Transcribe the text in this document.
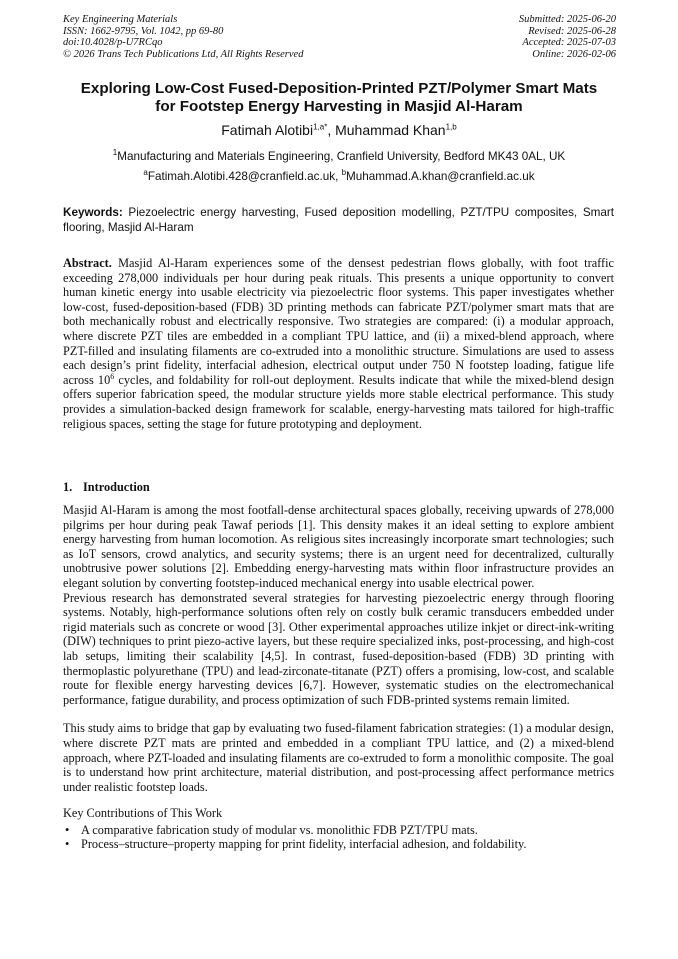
Key Engineering Materials
ISSN: 1662-9795, Vol. 1042, pp 69-80
doi:10.4028/p-U7RCqo
© 2026 Trans Tech Publications Ltd, All Rights Reserved
Submitted: 2025-06-20
Revised: 2025-06-28
Accepted: 2025-07-03
Online: 2026-02-06
Exploring Low-Cost Fused-Deposition-Printed PZT/Polymer Smart Mats
for Footstep Energy Harvesting in Masjid Al-Haram
Fatimah Alotibi$^{1,a*}$, Muhammad Khan$^{1,b}$
$^1$Manufacturing and Materials Engineering, Cranfield University, Bedford MK43 0AL, UK
$^a$Fatimah.Alotibi.428@cranfield.ac.uk, $^b$Muhammad.A.khan@cranfield.ac.uk
Keywords: Piezoelectric energy harvesting, Fused deposition modelling, PZT/TPU composites, Smart flooring, Masjid Al-Haram
Abstract. Masjid Al-Haram experiences some of the densest pedestrian flows globally, with foot traffic exceeding 278,000 individuals per hour during peak rituals. This presents a unique opportunity to convert human kinetic energy into usable electricity via piezoelectric floor systems. This paper investigates whether low-cost, fused-deposition-based (FDB) 3D printing methods can fabricate PZT/polymer smart mats that are both mechanically robust and electrically responsive. Two strategies are compared: (i) a modular approach, where discrete PZT tiles are embedded in a compliant TPU lattice, and (ii) a mixed-blend approach, where PZT-filled and insulating filaments are co-extruded into a monolithic structure. Simulations are used to assess each design’s print fidelity, interfacial adhesion, electrical output under 750 N footstep loading, fatigue life across $10^6$ cycles, and foldability for roll-out deployment. Results indicate that while the mixed-blend design offers superior fabrication speed, the modular structure yields more stable electrical performance. This study provides a simulation-backed design framework for scalable, energy-harvesting mats tailored for high-traffic religious spaces, setting the stage for future prototyping and deployment.
1. Introduction

Masjid Al-Haram is among the most footfall-dense architectural spaces globally, receiving upwards of 278,000 pilgrims per hour during peak Tawaf periods [1]. This density makes it an ideal setting to explore ambient energy harvesting from human locomotion. As religious sites increasingly incorporate smart technologies; such as IoT sensors, crowd analytics, and security systems; there is an urgent need for decentralized, culturally unobtrusive power solutions [2]. Embedding energy-harvesting mats within floor infrastructure provides an elegant solution by converting footstep-induced mechanical energy into usable electrical power.

Previous research has demonstrated several strategies for harvesting piezoelectric energy through flooring systems. Notably, high-performance solutions often rely on costly bulk ceramic transducers embedded under rigid materials such as concrete or wood [3]. Other experimental approaches utilize inkjet or direct-ink-writing (DIW) techniques to print piezo-active layers, but these require specialized inks, post-processing, and high-cost lab setups, limiting their scalability [4,5]. In contrast, fused-deposition-based (FDB) 3D printing with thermoplastic polyurethane (TPU) and lead-zirconate-titanate (PZT) offers a promising, low-cost, and scalable route for flexible energy harvesting devices [6,7]. However, systematic studies on the electromechanical performance, fatigue durability, and process optimization of such FDB-printed systems remain limited.

This study aims to bridge that gap by evaluating two fused-filament fabrication strategies: (1) a modular design, where discrete PZT mats are printed and embedded in a compliant TPU lattice, and (2) a mixed-blend approach, where PZT-loaded and insulating filaments are co-extruded to form a monolithic composite. The goal is to understand how print architecture, material distribution, and post-processing affect performance metrics under realistic footstep loads.

Key Contributions of This Work
• A comparative fabrication study of modular vs. monolithic FDB PZT/TPU mats.
• Process–structure–property mapping for print fidelity, interfacial adhesion, and foldability.
